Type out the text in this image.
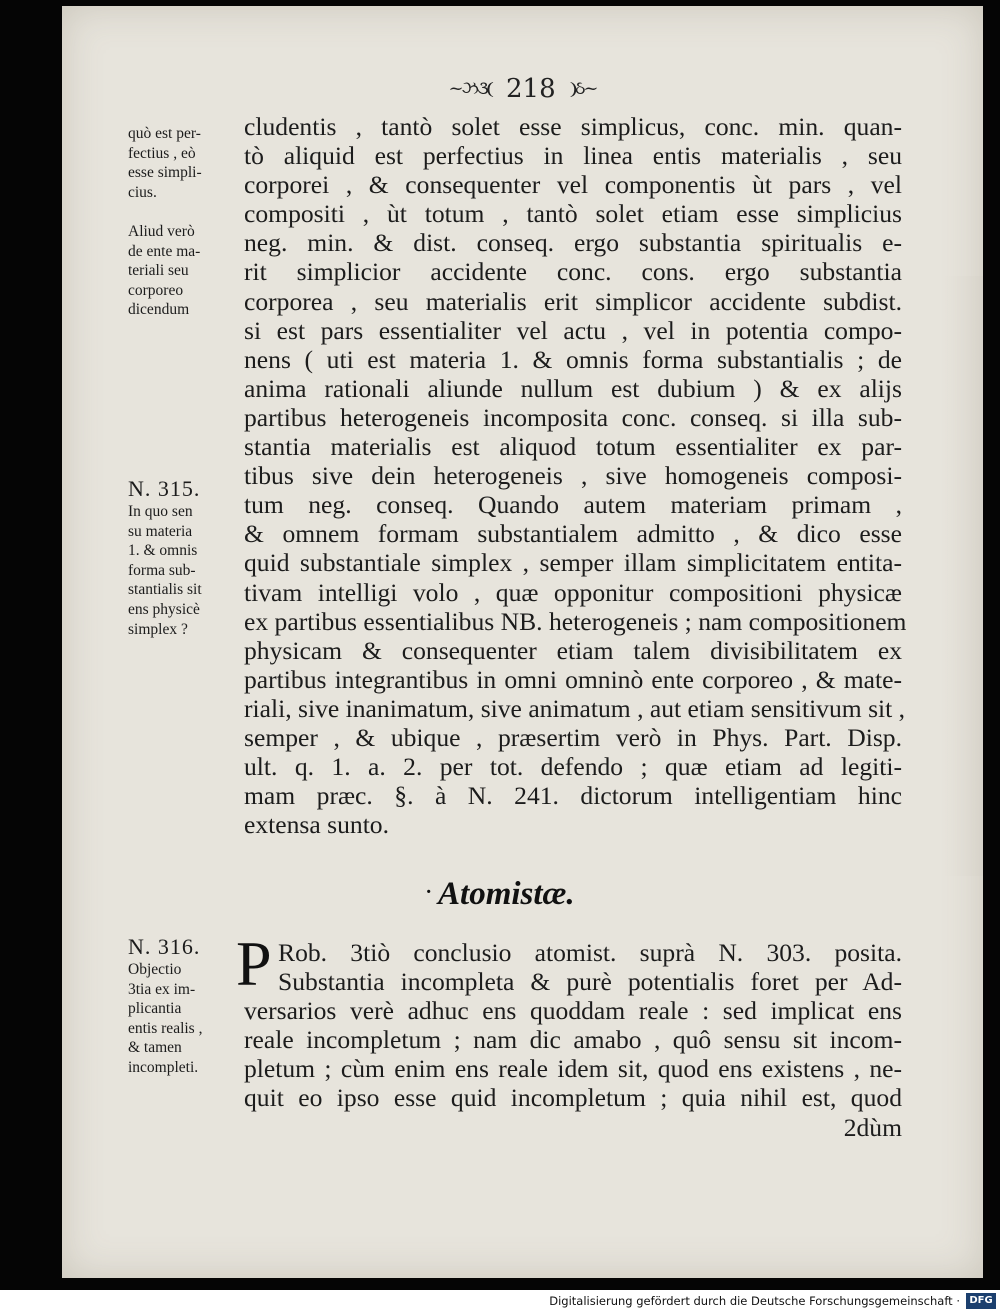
~ઝ૩❨ 218 ❩ઠ~
cludentis , tantò solet esse simplicus, conc. min. quan-
tò aliquid est perfectius in linea entis materialis , seu
corporei , & consequenter vel componentis ùt pars , vel
compositi , ùt totum , tantò solet etiam esse simplicius
neg. min. & dist. conseq. ergo substantia spiritualis e-
rit simplicior accidente conc. cons. ergo substantia
corporea , seu materialis erit simplicor accidente subdist.
si est pars essentialiter vel actu , vel in potentia compo-
nens ( uti est materia 1. & omnis forma substantialis ; de
anima rationali aliunde nullum est dubium ) & ex alijs
partibus heterogeneis incomposita conc. conseq. si illa sub-
stantia materialis est aliquod totum essentialiter ex par-
tibus sive dein heterogeneis , sive homogeneis composi-
tum neg. conseq. Quando autem materiam primam ,
& omnem formam substantialem admitto , & dico esse
quid substantiale simplex , semper illam simplicitatem entita-
tivam intelligi volo , quæ opponitur compositioni physicæ
ex partibus essentialibus NB. heterogeneis ; nam compositionem
physicam & consequenter etiam talem divisibilitatem ex
partibus integrantibus in omni omninò ente corporeo , & mate-
riali, sive inanimatum, sive animatum , aut etiam sensitivum sit ,
semper , & ubique , præsertim verò in Phys. Part. Disp.
ult. q. 1. a. 2. per tot. defendo ; quæ etiam ad legiti-
mam præc. §. à N. 241. dictorum intelligentiam hinc
extensa sunto.
· Atomistæ.
P Rob. 3tiò conclusio atomist. suprà N. 303. posita.
Substantia incompleta & purè potentialis foret per Ad-
versarios verè adhuc ens quoddam reale : sed implicat ens
reale incompletum ; nam dic amabo , quô sensu sit incom-
pletum ; cùm enim ens reale idem sit, quod ens existens , ne-
quit eo ipso esse quid incompletum ; quia nihil est, quod
2dùm
quò est per-
fectius , eò
esse simpli-
cius.
Aliud verò
de ente ma-
teriali seu
corporeo
dicendum
N. 315.
In quo sen
su materia
1. & omnis
forma sub-
stantialis sit
ens physicè
simplex ?
N. 316.
Objectio
3tia ex im-
plicantia
entis realis ,
& tamen
incompleti.
Digitalisierung gefördert durch die Deutsche Forschungsgemeinschaft · DFG
